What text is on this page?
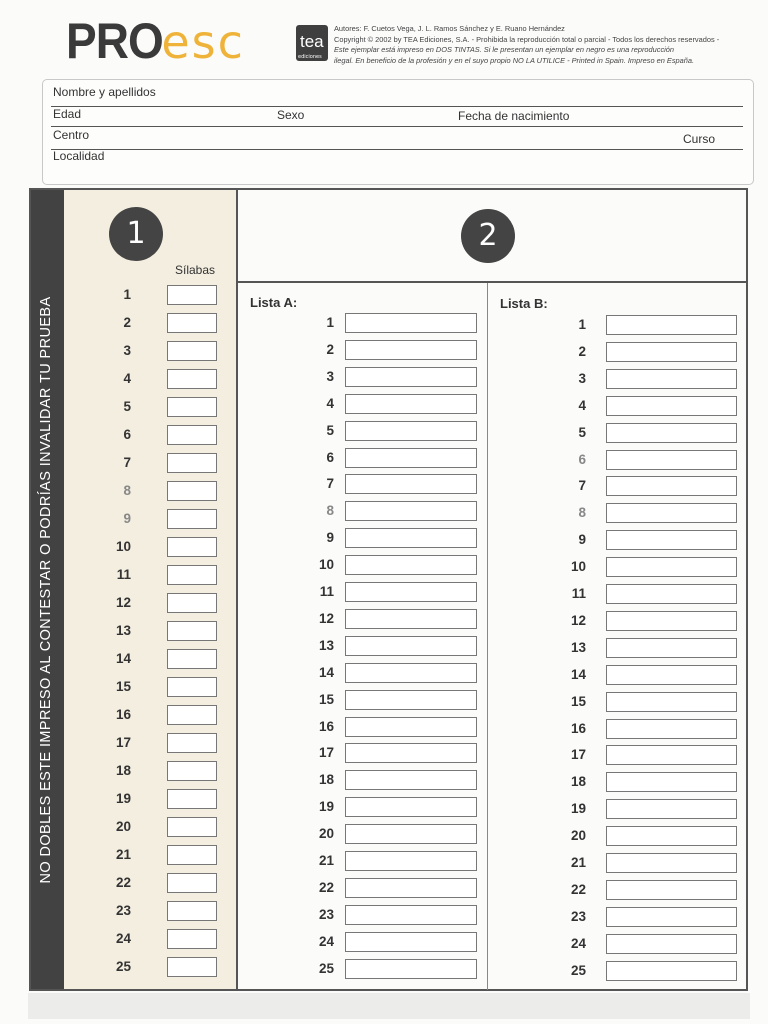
PROesc	tea
ediciones
Autores: F. Cuetos Vega, J. L. Ramos Sánchez y E. Ruano Hernández
Copyright © 2002 by TEA Ediciones, S.A. - Prohibida la reproducción total o parcial - Todos los derechos reservados -
Este ejemplar está impreso en DOS TINTAS. Si le presentan un ejemplar en negro es una reproducción
ilegal. En beneficio de la profesión y en el suyo propio NO LA UTILICE - Printed in Spain. Impreso en España.
Nombre y apellidos
Edad	Sexo	Fecha de nacimiento
Centro	Curso
Localidad
NO DOBLES ESTE IMPRESO AL CONTESTAR O PODRÍAS INVALIDAR TU PRUEBA
1
Sílabas
2
Lista A:	Lista B:
1
2
3
4
5
6
7
8
9
10
11
12
13
14
15
16
17
18
19
20
21
22
23
24
25
1
2
3
4
5
6
7
8
9
10
11
12
13
14
15
16
17
18
19
20
21
22
23
24
25
1
2
3
4
5
6
7
8
9
10
11
12
13
14
15
16
17
18
19
20
21
22
23
24
25
